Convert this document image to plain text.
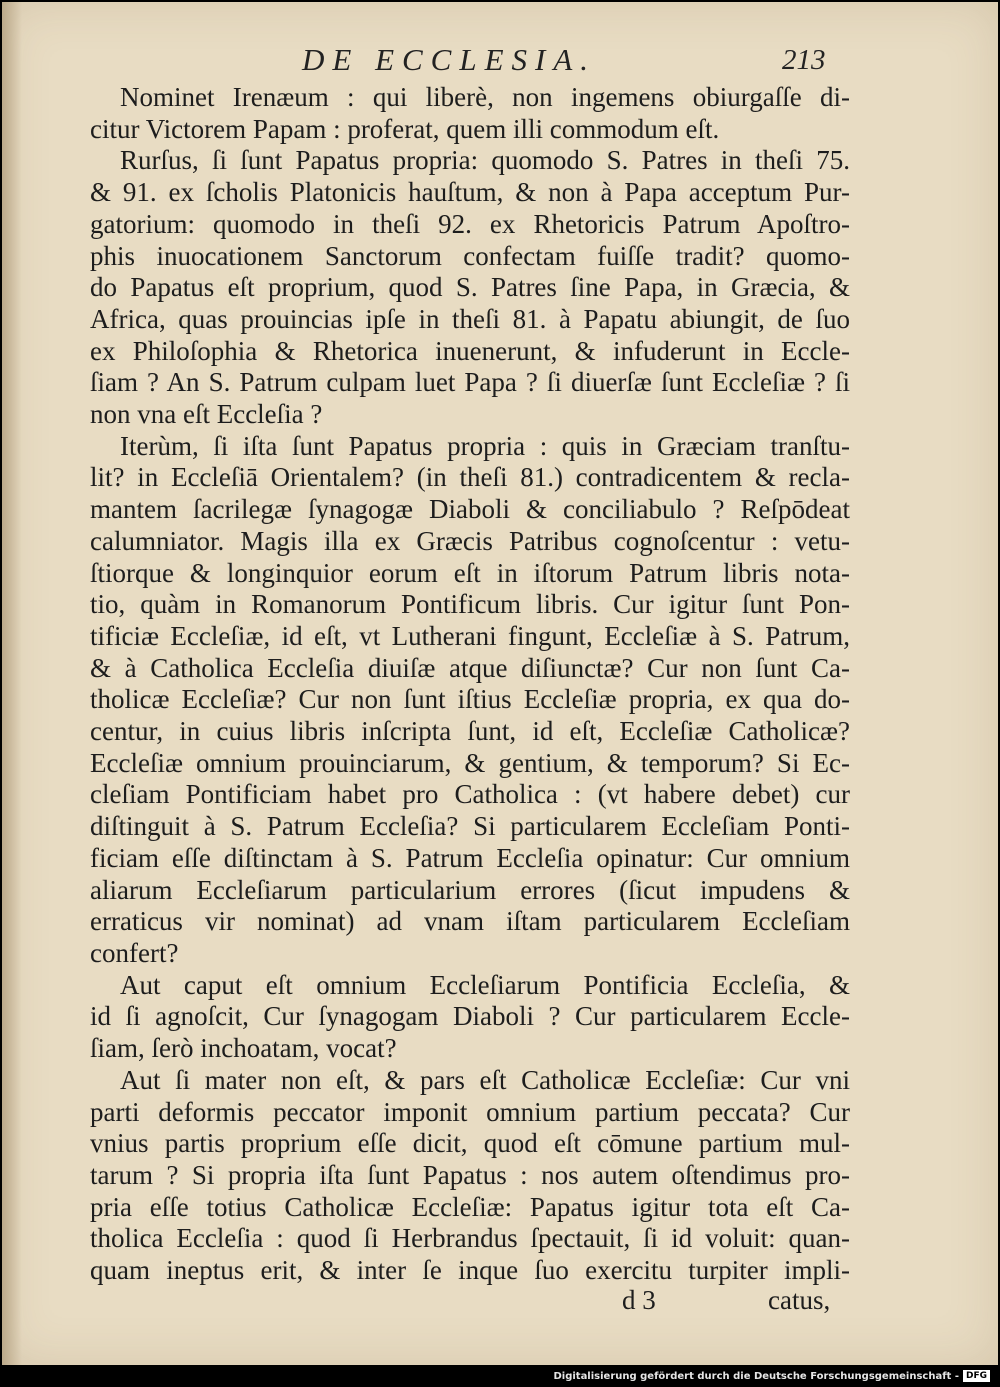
DE ECCLESIA.	213
Nominet Irenæum : qui liberè, non ingemens obiurgaſſe di-
citur Victorem Papam : proferat, quem illi commodum eſt.
Rurſus, ſi ſunt Papatus propria: quomodo S. Patres in theſi 75.
& 91. ex ſcholis Platonicis hauſtum, & non à Papa acceptum Pur-
gatorium: quomodo in theſi 92. ex Rhetoricis Patrum Apoſtro-
phis inuocationem Sanctorum confectam fuiſſe tradit? quomo-
do Papatus eſt proprium, quod S. Patres ſine Papa, in Græcia, &
Africa, quas prouincias ipſe in theſi 81. à Papatu abiungit, de ſuo
ex Philoſophia & Rhetorica inuenerunt, & infuderunt in Eccle-
ſiam ? An S. Patrum culpam luet Papa ? ſi diuerſæ ſunt Eccleſiæ ? ſi
non vna eſt Eccleſia ?
Iterùm, ſi iſta ſunt Papatus propria : quis in Græciam tranſtu-
lit? in Eccleſiā Orientalem? (in theſi 81.) contradicentem & recla-
mantem ſacrilegæ ſynagogæ Diaboli & conciliabulo ? Reſpōdeat
calumniator. Magis illa ex Græcis Patribus cognoſcentur : vetu-
ſtiorque & longinquior eorum eſt in iſtorum Patrum libris nota-
tio, quàm in Romanorum Pontificum libris. Cur igitur ſunt Pon-
tificiæ Eccleſiæ, id eſt, vt Lutherani fingunt, Eccleſiæ à S. Patrum,
& à Catholica Eccleſia diuiſæ atque diſiunctæ? Cur non ſunt Ca-
tholicæ Eccleſiæ? Cur non ſunt iſtius Eccleſiæ propria, ex qua do-
centur, in cuius libris inſcripta ſunt, id eſt, Eccleſiæ Catholicæ?
Eccleſiæ omnium prouinciarum, & gentium, & temporum? Si Ec-
cleſiam Pontificiam habet pro Catholica : (vt habere debet) cur
diſtinguit à S. Patrum Eccleſia? Si particularem Eccleſiam Ponti-
ficiam eſſe diſtinctam à S. Patrum Eccleſia opinatur: Cur omnium
aliarum Eccleſiarum particularium errores (ſicut impudens &
erraticus vir nominat) ad vnam iſtam particularem Eccleſiam
confert?
Aut caput eſt omnium Eccleſiarum Pontificia Eccleſia, &
id ſi agnoſcit, Cur ſynagogam Diaboli ? Cur particularem Eccle-
ſiam, ſerò inchoatam, vocat?
Aut ſi mater non eſt, & pars eſt Catholicæ Eccleſiæ: Cur vni
parti deformis peccator imponit omnium partium peccata? Cur
vnius partis proprium eſſe dicit, quod eſt cōmune partium mul-
tarum ? Si propria iſta ſunt Papatus : nos autem oſtendimus pro-
pria eſſe totius Catholicæ Eccleſiæ: Papatus igitur tota eſt Ca-
tholica Eccleſia : quod ſi Herbrandus ſpectauit, ſi id voluit: quan-
quam ineptus erit, & inter ſe inque ſuo exercitu turpiter impli-
d 3	catus,
Digitalisierung gefördert durch die Deutsche Forschungsgemeinschaft - DFG
